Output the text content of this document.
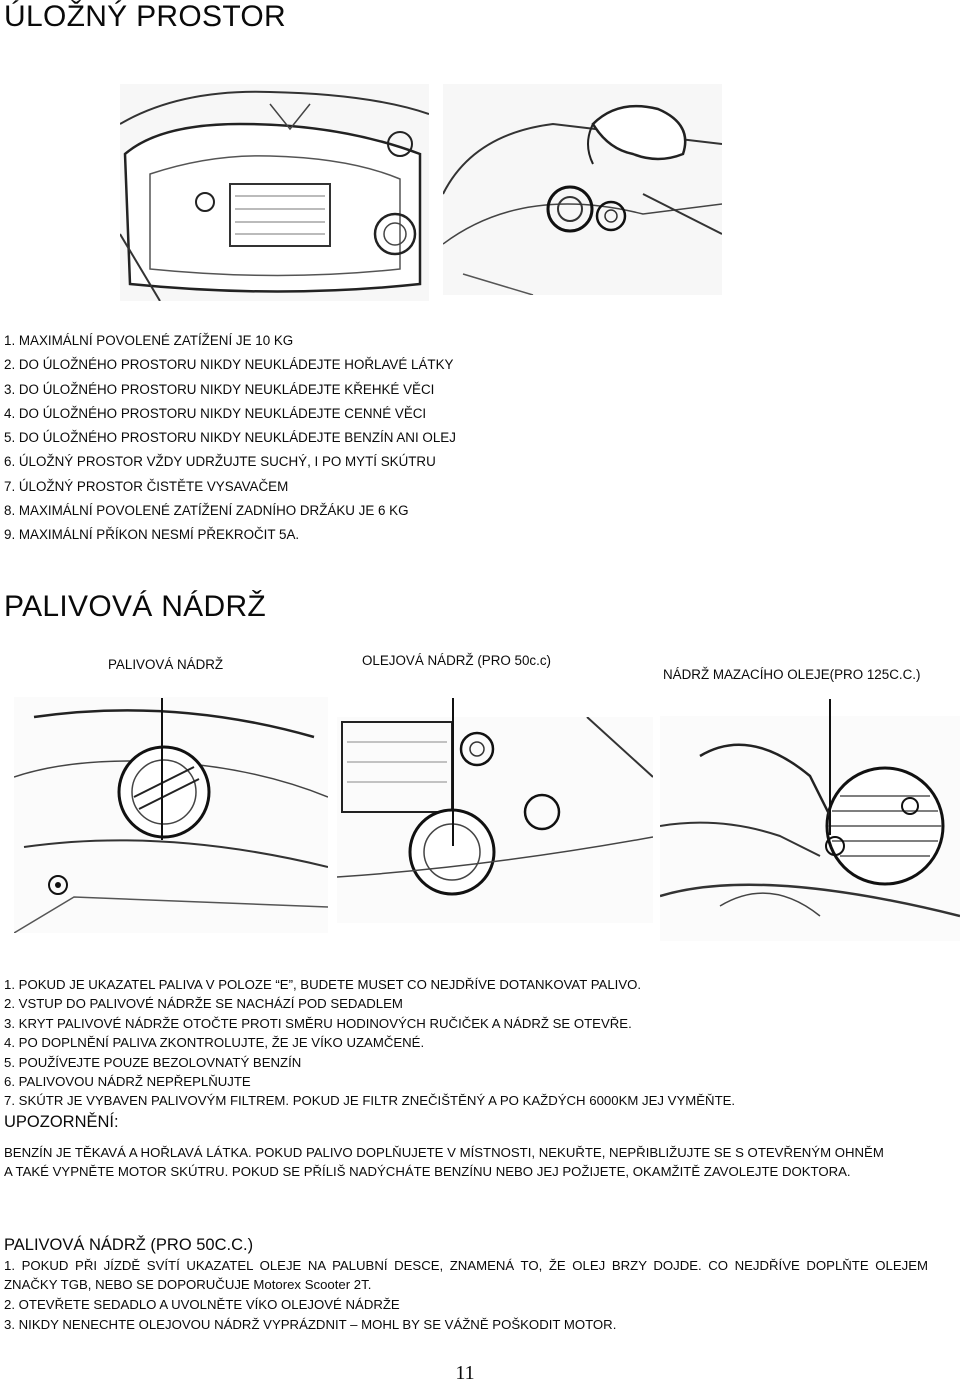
ÚLOŽNÝ PROSTOR
1. MAXIMÁLNÍ POVOLENÉ ZATÍŽENÍ JE 10 KG
2. DO ÚLOŽNÉHO PROSTORU NIKDY NEUKLÁDEJTE HOŘLAVÉ LÁTKY
3. DO ÚLOŽNÉHO PROSTORU NIKDY NEUKLÁDEJTE KŘEHKÉ VĚCI
4. DO ÚLOŽNÉHO PROSTORU NIKDY NEUKLÁDEJTE CENNÉ VĚCI
5. DO ÚLOŽNÉHO PROSTORU NIKDY NEUKLÁDEJTE BENZÍN ANI OLEJ
6. ÚLOŽNÝ PROSTOR VŽDY UDRŽUJTE SUCHÝ, I PO MYTÍ SKÚTRU
7. ÚLOŽNÝ PROSTOR ČISTĚTE VYSAVAČEM
8. MAXIMÁLNÍ POVOLENÉ ZATÍŽENÍ ZADNÍHO DRŽÁKU JE 6 KG
9. MAXIMÁLNÍ PŘÍKON NESMÍ PŘEKROČIT 5A.
PALIVOVÁ NÁDRŽ
PALIVOVÁ NÁDRŽ	OLEJOVÁ NÁDRŽ (PRO 50c.c)
NÁDRŽ MAZACÍHO OLEJE(PRO 125C.C.)
1. POKUD JE UKAZATEL PALIVA V POLOZE “E”, BUDETE MUSET CO NEJDŘÍVE DOTANKOVAT PALIVO.
2. VSTUP DO PALIVOVÉ NÁDRŽE SE NACHÁZÍ POD SEDADLEM
3. KRYT PALIVOVÉ NÁDRŽE OTOČTE PROTI SMĚRU HODINOVÝCH RUČIČEK A NÁDRŽ SE OTEVŘE.
4. PO DOPLNĚNÍ PALIVA ZKONTROLUJTE, ŽE JE VÍKO UZAMČENÉ.
5. POUŽÍVEJTE POUZE BEZOLOVNATÝ BENZÍN
6. PALIVOVOU NÁDRŽ NEPŘEPLŇUJTE
7. SKÚTR JE VYBAVEN PALIVOVÝM FILTREM. POKUD JE FILTR ZNEČIŠTĚNÝ A PO KAŽDÝCH 6000KM JEJ VYMĚŇTE.
UPOZORNĚNÍ:

BENZÍN JE TĚKAVÁ A HOŘLAVÁ LÁTKA. POKUD PALIVO DOPLŇUJETE V MÍSTNOSTI, NEKUŘTE, NEPŘIBLIŽUJTE SE S OTEVŘENÝM OHNĚM A TAKÉ VYPNĚTE MOTOR SKÚTRU. POKUD SE PŘÍLIŠ NADÝCHÁTE BENZÍNU NEBO JEJ POŽIJETE, OKAMŽITĚ ZAVOLEJTE DOKTORA.

PALIVOVÁ NÁDRŽ (PRO 50C.C.)

1. POKUD PŘI JÍZDĚ SVÍTÍ UKAZATEL OLEJE NA PALUBNÍ DESCE, ZNAMENÁ TO, ŽE OLEJ BRZY DOJDE. CO NEJDŘÍVE DOPLŇTE OLEJEM ZNAČKY TGB, NEBO SE DOPORUČUJE Motorex Scooter 2T.

2. OTEVŘETE SEDADLO A UVOLNĚTE VÍKO OLEJOVÉ NÁDRŽE

3. NIKDY NENECHTE OLEJOVOU NÁDRŽ VYPRÁZDNIT – MOHL BY SE VÁŽNĚ POŠKODIT MOTOR.

11
